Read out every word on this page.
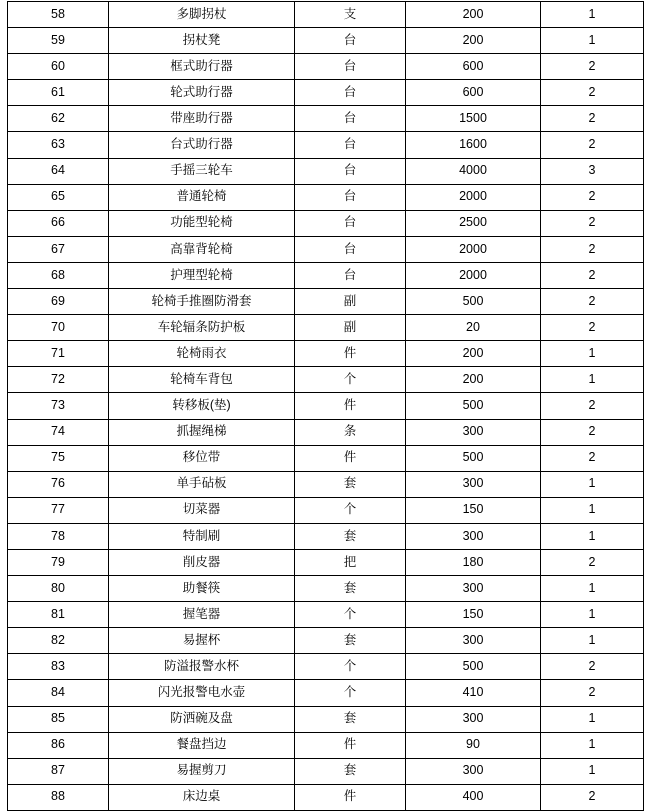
58	多脚拐杖	支	200	1
59	拐杖凳	台	200	1
60	框式助行器	台	600	2
61	轮式助行器	台	600	2
62	带座助行器	台	1500	2
63	台式助行器	台	1600	2
64	手摇三轮车	台	4000	3
65	普通轮椅	台	2000	2
66	功能型轮椅	台	2500	2
67	高靠背轮椅	台	2000	2
68	护理型轮椅	台	2000	2
69	轮椅手推圈防滑套	副	500	2
70	车轮辐条防护板	副	20	2
71	轮椅雨衣	件	200	1
72	轮椅车背包	个	200	1
73	转移板(垫)	件	500	2
74	抓握绳梯	条	300	2
75	移位带	件	500	2
76	单手砧板	套	300	1
77	切菜器	个	150	1
78	特制刷	套	300	1
79	削皮器	把	180	2
80	助餐筷	套	300	1
81	握笔器	个	150	1
82	易握杯	套	300	1
83	防溢报警水杯	个	500	2
84	闪光报警电水壶	个	410	2
85	防洒碗及盘	套	300	1
86	餐盘挡边	件	90	1
87	易握剪刀	套	300	1
88	床边桌	件	400	2
